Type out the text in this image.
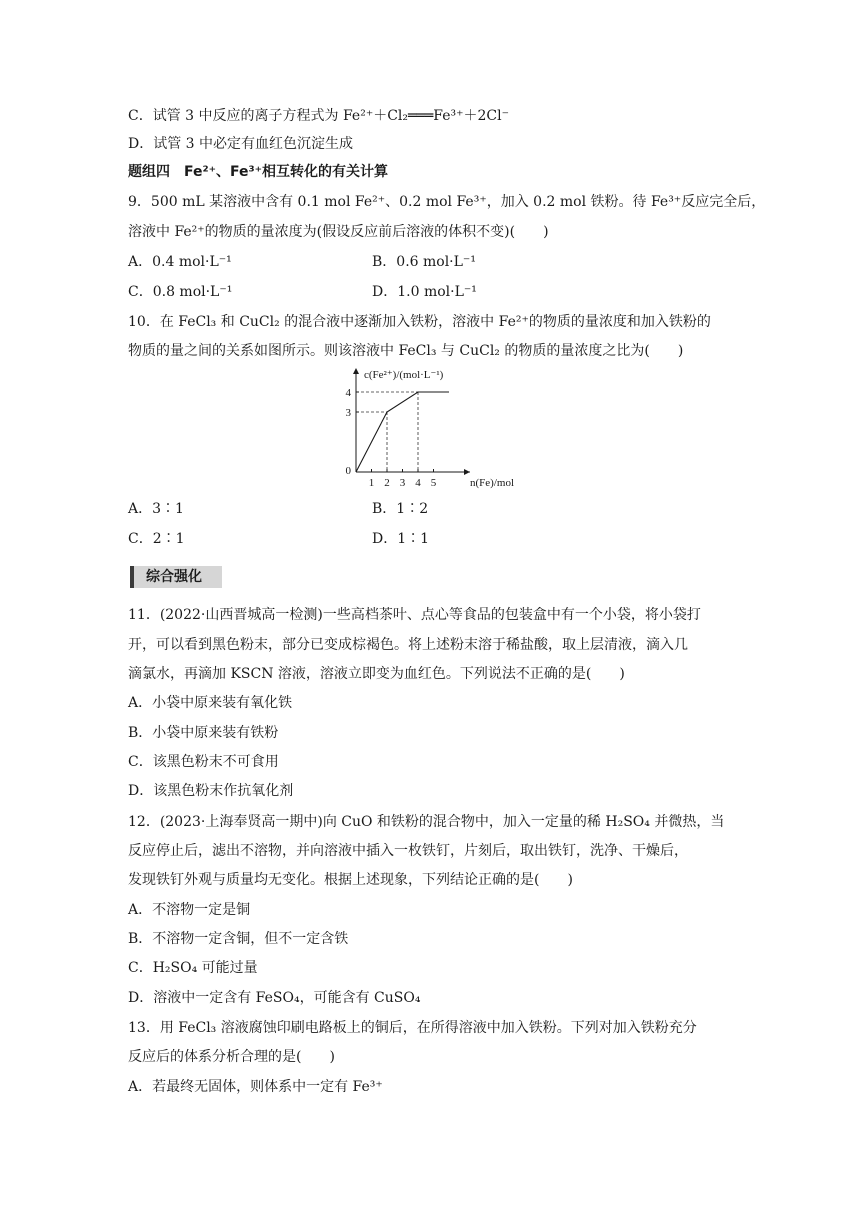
C．试管 3 中反应的离子方程式为 Fe²⁺＋Cl₂═══Fe³⁺＋2Cl⁻
D．试管 3 中必定有血红色沉淀生成
题组四　Fe²⁺、Fe³⁺相互转化的有关计算
9．500 mL 某溶液中含有 0.1 mol Fe²⁺、0.2 mol Fe³⁺，加入 0.2 mol 铁粉。待 Fe³⁺反应完全后，
溶液中 Fe²⁺的物质的量浓度为(假设反应前后溶液的体积不变)(　　)
A．0.4 mol·L⁻¹	B．0.6 mol·L⁻¹
C．0.8 mol·L⁻¹	D．1.0 mol·L⁻¹
10．在 FeCl₃ 和 CuCl₂ 的混合液中逐渐加入铁粉，溶液中 Fe²⁺的物质的量浓度和加入铁粉的
物质的量之间的关系如图所示。则该溶液中 FeCl₃ 与 CuCl₂ 的物质的量浓度之比为(　　)
1 2 3 4 5
3
4
0
c(Fe²⁺)/(mol·L⁻¹)
n(Fe)/mol
A．3∶1	B．1∶2
C．2∶1	D．1∶1
综合强化
11．(2022·山西晋城高一检测)一些高档茶叶、点心等食品的包装盒中有一个小袋，将小袋打
开，可以看到黑色粉末，部分已变成棕褐色。将上述粉末溶于稀盐酸，取上层清液，滴入几
滴氯水，再滴加 KSCN 溶液，溶液立即变为血红色。下列说法不正确的是(　　)
A．小袋中原来装有氧化铁
B．小袋中原来装有铁粉
C．该黑色粉末不可食用
D．该黑色粉末作抗氧化剂
12．(2023·上海奉贤高一期中)向 CuO 和铁粉的混合物中，加入一定量的稀 H₂SO₄ 并微热，当
反应停止后，滤出不溶物，并向溶液中插入一枚铁钉，片刻后，取出铁钉，洗净、干燥后，
发现铁钉外观与质量均无变化。根据上述现象，下列结论正确的是(　　)
A．不溶物一定是铜
B．不溶物一定含铜，但不一定含铁
C．H₂SO₄ 可能过量
D．溶液中一定含有 FeSO₄，可能含有 CuSO₄
13．用 FeCl₃ 溶液腐蚀印刷电路板上的铜后，在所得溶液中加入铁粉。下列对加入铁粉充分
反应后的体系分析合理的是(　　)
A．若最终无固体，则体系中一定有 Fe³⁺
